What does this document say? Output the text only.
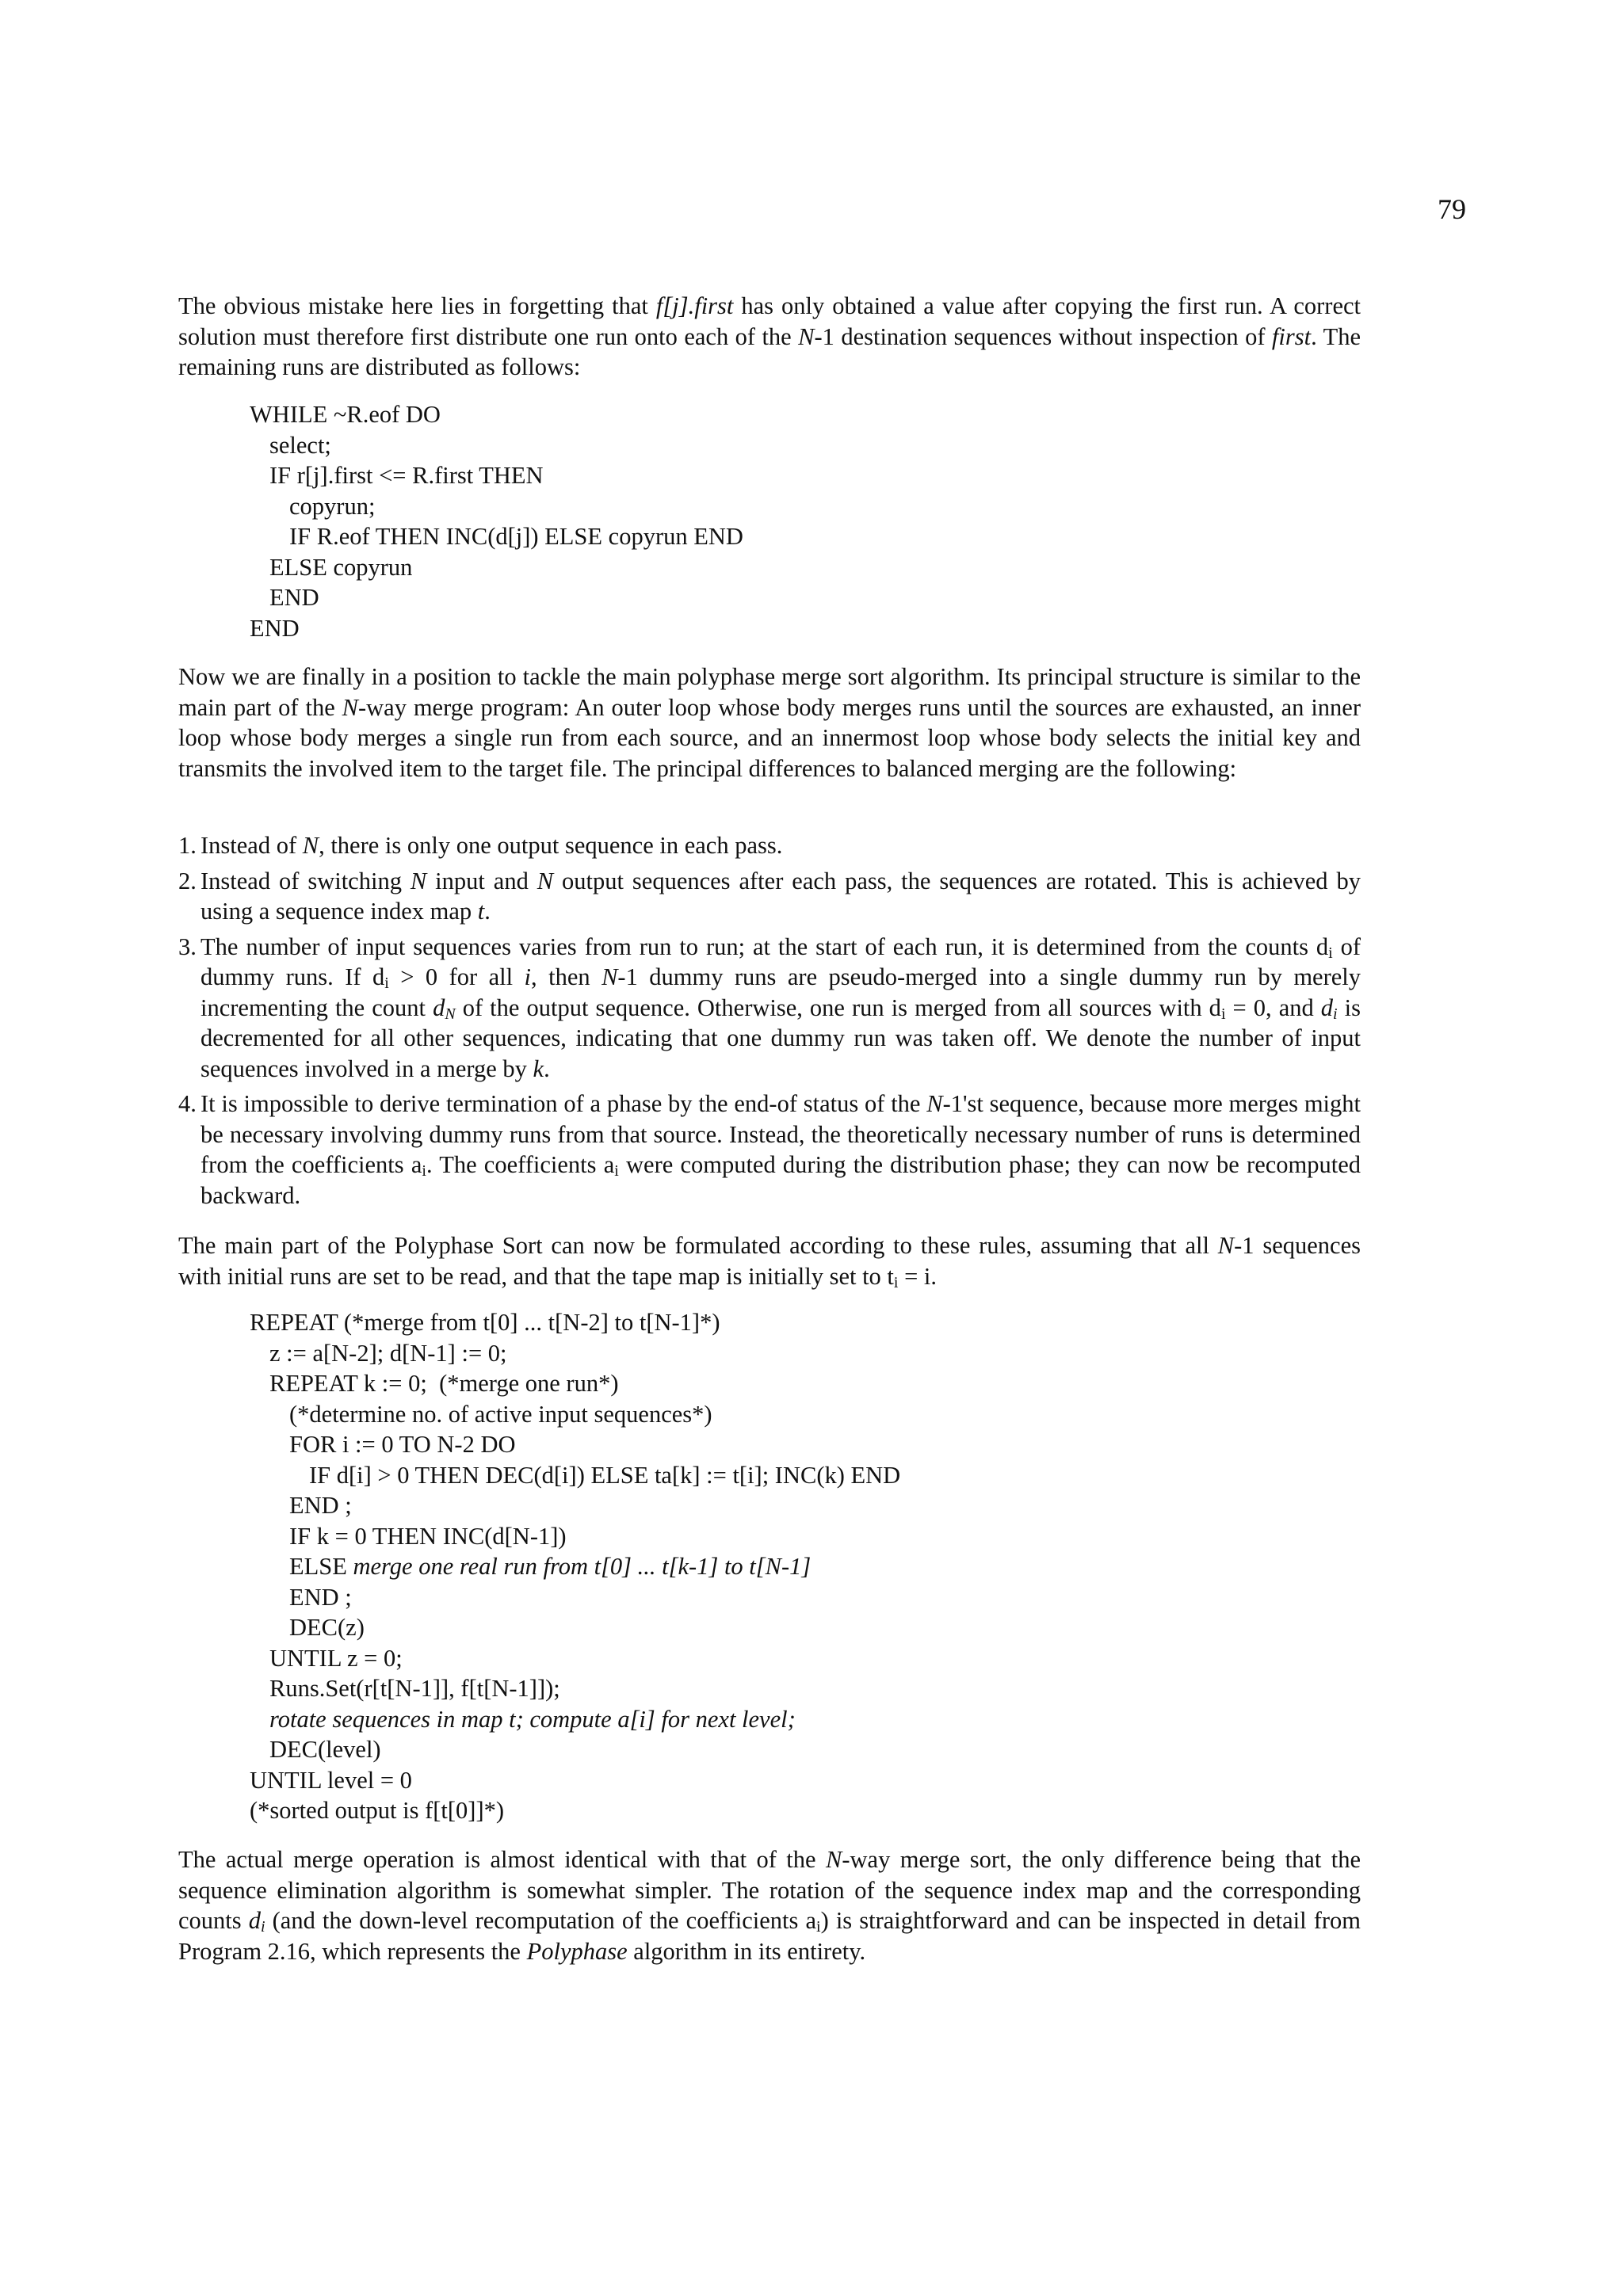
79

The obvious mistake here lies in forgetting that f[j].first has only obtained a value after copying the first run. A correct solution must therefore first distribute one run onto each of the N-1 destination sequences without inspection of first. The remaining runs are distributed as follows:

WHILE ~R.eof DO
select;
IF r[j].first <= R.first THEN
copyrun;
IF R.eof THEN INC(d[j]) ELSE copyrun END
ELSE copyrun
END
END

Now we are finally in a position to tackle the main polyphase merge sort algorithm. Its principal structure is similar to the main part of the N-way merge program: An outer loop whose body merges runs until the sources are exhausted, an inner loop whose body merges a single run from each source, and an innermost loop whose body selects the initial key and transmits the involved item to the target file. The principal differences to balanced merging are the following:

1. Instead of N, there is only one output sequence in each pass.
2. Instead of switching N input and N output sequences after each pass, the sequences are rotated. This is achieved by using a sequence index map t.
3. The number of input sequences varies from run to run; at the start of each run, it is determined from the counts $d_i$ of dummy runs. If $d_i > 0$ for all i, then N-1 dummy runs are pseudo-merged into a single dummy run by merely incrementing the count $d_N$ of the output sequence. Otherwise, one run is merged from all sources with $d_i = 0$, and $d_i$ is decremented for all other sequences, indicating that one dummy run was taken off. We denote the number of input sequences involved in a merge by k.
4. It is impossible to derive termination of a phase by the end-of status of the N-1'st sequence, because more merges might be necessary involving dummy runs from that source. Instead, the theoretically necessary number of runs is determined from the coefficients $a_i$. The coefficients $a_i$ were computed during the distribution phase; they can now be recomputed backward.

The main part of the Polyphase Sort can now be formulated according to these rules, assuming that all N-1 sequences with initial runs are set to be read, and that the tape map is initially set to $t_i = i$.

REPEAT (*merge from t[0] ... t[N-2] to t[N-1]*)
z := a[N-2]; d[N-1] := 0;
REPEAT k := 0;  (*merge one run*)
(*determine no. of active input sequences*)
FOR i := 0 TO N-2 DO
IF d[i] > 0 THEN DEC(d[i]) ELSE ta[k] := t[i]; INC(k) END
END ;
IF k = 0 THEN INC(d[N-1])
ELSE merge one real run from t[0] ... t[k-1] to t[N-1]
END ;
DEC(z)
UNTIL z = 0;
Runs.Set(r[t[N-1]], f[t[N-1]]);
rotate sequences in map t; compute a[i] for next level;
DEC(level)
UNTIL level = 0
(*sorted output is f[t[0]]*)

The actual merge operation is almost identical with that of the N-way merge sort, the only difference being that the sequence elimination algorithm is somewhat simpler. The rotation of the sequence index map and the corresponding counts $d_i$ (and the down-level recomputation of the coefficients $a_i$) is straightforward and can be inspected in detail from Program 2.16, which represents the Polyphase algorithm in its entirety.
